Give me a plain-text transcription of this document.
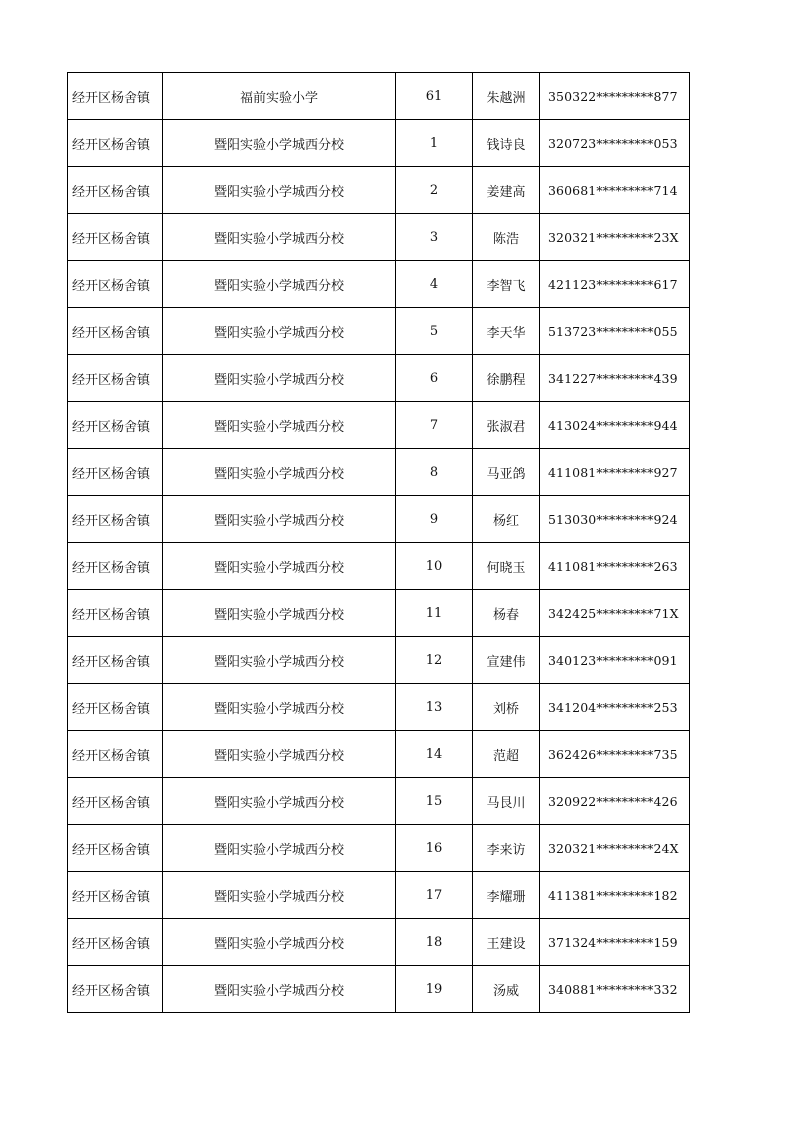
经开区杨舍镇	福前实验小学	61	朱越洲	350322*********877
经开区杨舍镇	暨阳实验小学城西分校	1	钱诗良	320723*********053
经开区杨舍镇	暨阳实验小学城西分校	2	姜建高	360681*********714
经开区杨舍镇	暨阳实验小学城西分校	3	陈浩	320321*********23X
经开区杨舍镇	暨阳实验小学城西分校	4	李智飞	421123*********617
经开区杨舍镇	暨阳实验小学城西分校	5	李天华	513723*********055
经开区杨舍镇	暨阳实验小学城西分校	6	徐鹏程	341227*********439
经开区杨舍镇	暨阳实验小学城西分校	7	张淑君	413024*********944
经开区杨舍镇	暨阳实验小学城西分校	8	马亚鸽	411081*********927
经开区杨舍镇	暨阳实验小学城西分校	9	杨红	513030*********924
经开区杨舍镇	暨阳实验小学城西分校	10	何晓玉	411081*********263
经开区杨舍镇	暨阳实验小学城西分校	11	杨春	342425*********71X
经开区杨舍镇	暨阳实验小学城西分校	12	宣建伟	340123*********091
经开区杨舍镇	暨阳实验小学城西分校	13	刘桥	341204*********253
经开区杨舍镇	暨阳实验小学城西分校	14	范超	362426*********735
经开区杨舍镇	暨阳实验小学城西分校	15	马艮川	320922*********426
经开区杨舍镇	暨阳实验小学城西分校	16	李来访	320321*********24X
经开区杨舍镇	暨阳实验小学城西分校	17	李耀珊	411381*********182
经开区杨舍镇	暨阳实验小学城西分校	18	王建设	371324*********159
经开区杨舍镇	暨阳实验小学城西分校	19	汤威	340881*********332
